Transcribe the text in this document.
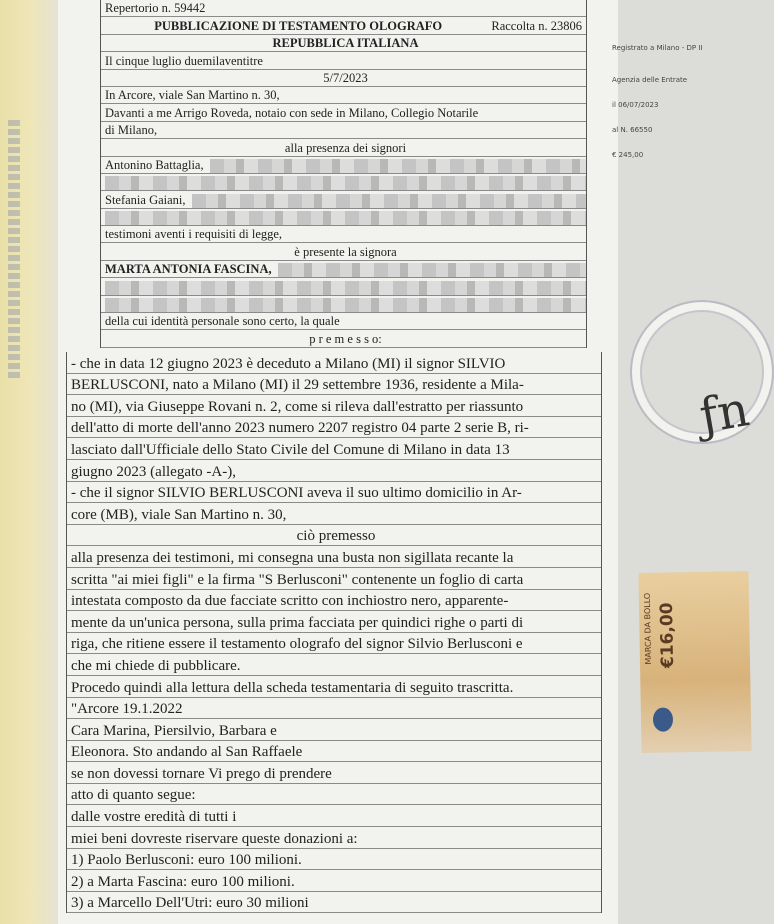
Repertorio n. 59442
PUBBLICAZIONE DI TESTAMENTO OLOGRAFO	Raccolta n. 23806
REPUBBLICA ITALIANA
Il cinque luglio duemilaventitre
5/7/2023
In Arcore, viale San Martino n. 30,
Davanti a me Arrigo Roveda, notaio con sede in Milano, Collegio Notarile
di Milano,
alla presenza dei signori
Antonino Battaglia,
Stefania Gaiani,
testimoni aventi i requisiti di legge,
è presente la signora
MARTA ANTONIA FASCINA,
della cui identità personale sono certo, la quale
p r e m e s s o:
- che in data 12 giugno 2023 è deceduto a Milano (MI) il signor SILVIO
BERLUSCONI, nato a Milano (MI) il 29 settembre 1936, residente a Mila-
no (MI), via Giuseppe Rovani n. 2, come si rileva dall'estratto per riassunto
dell'atto di morte dell'anno 2023 numero 2207 registro 04 parte 2 serie B, ri-
lasciato dall'Ufficiale dello Stato Civile del Comune di Milano in data 13
giugno 2023 (allegato -A-),
- che il signor SILVIO BERLUSCONI aveva il suo ultimo domicilio in Ar-
core (MB), viale San Martino n. 30,
ciò premesso
alla presenza dei testimoni, mi consegna una busta non sigillata recante la
scritta "ai miei figli" e la firma "S Berlusconi" contenente un foglio di carta
intestata composto da due facciate scritto con inchiostro nero, apparente-
mente da un'unica persona, sulla prima facciata per quindici righe o parti di
riga, che ritiene essere il testamento olografo del signor Silvio Berlusconi e
che mi chiede di pubblicare.
Procedo quindi alla lettura della scheda testamentaria di seguito trascritta.
"Arcore 19.1.2022
Cara Marina, Piersilvio, Barbara e
Eleonora. Sto andando al San Raffaele
se non dovessi tornare Vi prego di prendere
atto di quanto segue:
dalle vostre eredità di tutti i
miei beni dovreste riservare queste donazioni a:
1) Paolo Berlusconi: euro 100 milioni.
2) a Marta Fascina: euro 100 milioni.
3) a Marcello Dell'Utri: euro 30 milioni
Registrato a Milano - DP II
Agenzia delle Entrate
il 06/07/2023
al N. 66550
€ 245,00
ƒn
MARCA DA BOLLO €16,00
